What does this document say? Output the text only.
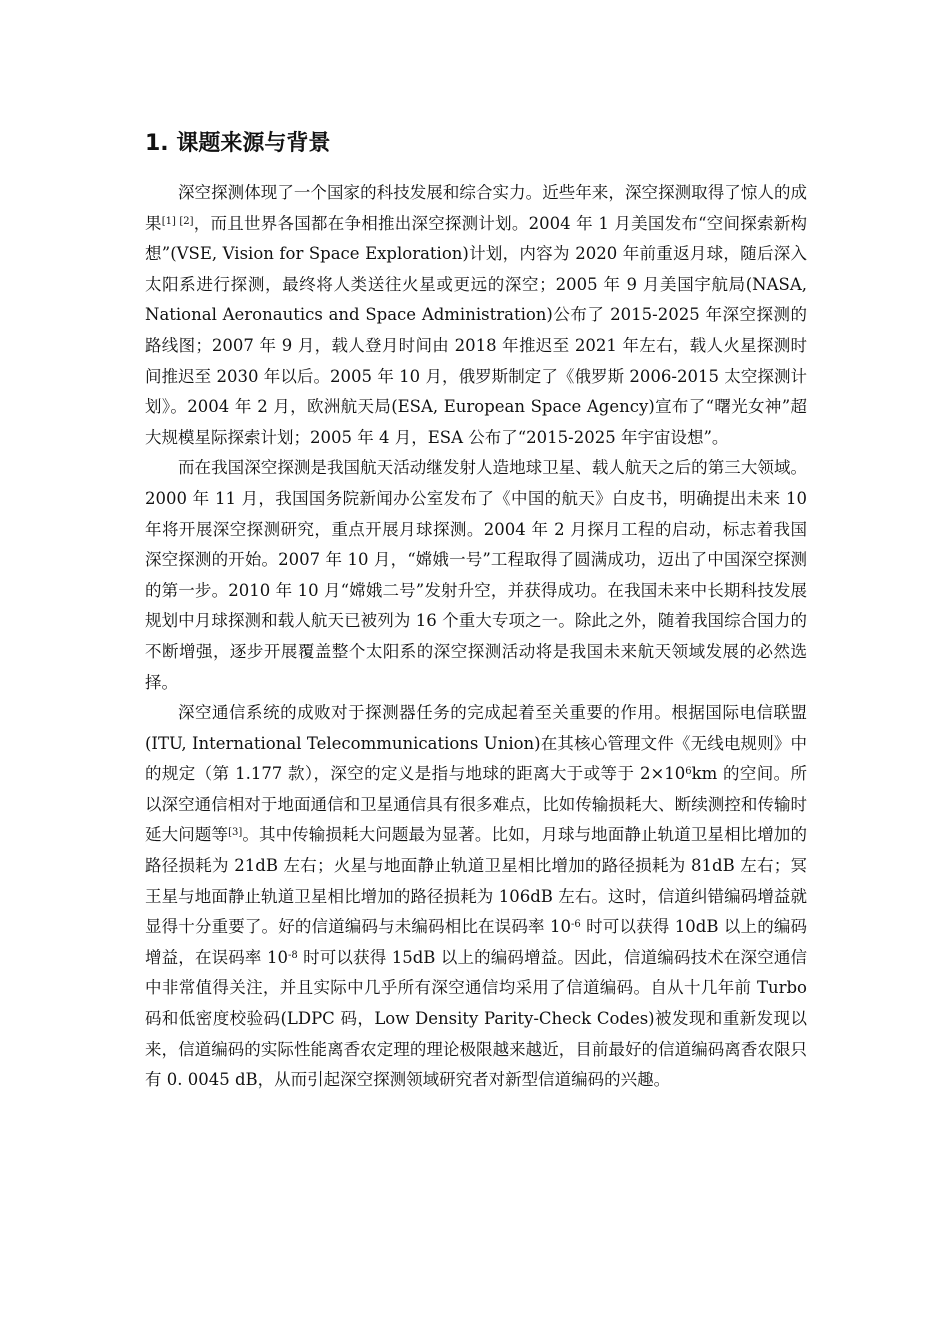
1. 课题来源与背景

深空探测体现了一个国家的科技发展和综合实力。近些年来，深空探测取得了惊人的成果[1] [2]，而且世界各国都在争相推出深空探测计划。2004 年 1 月美国发布“空间探索新构想”(VSE, Vision for Space Exploration)计划，内容为 2020 年前重返月球，随后深入太阳系进行探测，最终将人类送往火星或更远的深空；2005 年 9 月美国宇航局(NASA, National Aeronautics and Space Administration)公布了 2015-2025 年深空探测的路线图；2007 年 9 月，载人登月时间由 2018 年推迟至 2021 年左右，载人火星探测时间推迟至 2030 年以后。2005 年 10 月，俄罗斯制定了《俄罗斯 2006-2015 太空探测计划》。2004 年 2 月，欧洲航天局(ESA, European Space Agency)宣布了“曙光女神”超大规模星际探索计划；2005 年 4 月，ESA 公布了“2015-2025 年宇宙设想”。

而在我国深空探测是我国航天活动继发射人造地球卫星、载人航天之后的第三大领域。2000 年 11 月，我国国务院新闻办公室发布了《中国的航天》白皮书，明确提出未来 10 年将开展深空探测研究，重点开展月球探测。2004 年 2 月探月工程的启动，标志着我国深空探测的开始。2007 年 10 月，“嫦娥一号”工程取得了圆满成功，迈出了中国深空探测的第一步。2010 年 10 月“嫦娥二号”发射升空，并获得成功。在我国未来中长期科技发展规划中月球探测和载人航天已被列为 16 个重大专项之一。除此之外，随着我国综合国力的不断增强，逐步开展覆盖整个太阳系的深空探测活动将是我国未来航天领域发展的必然选择。

深空通信系统的成败对于探测器任务的完成起着至关重要的作用。根据国际电信联盟(ITU, International Telecommunications Union)在其核心管理文件《无线电规则》中的规定（第 1.177 款），深空的定义是指与地球的距离大于或等于 $2\times 10^6km$ 的空间。所以深空通信相对于地面通信和卫星通信具有很多难点，比如传输损耗大、断续测控和传输时延大问题等[3]。其中传输损耗大问题最为显著。比如，月球与地面静止轨道卫星相比增加的路径损耗为 21dB 左右；火星与地面静止轨道卫星相比增加的路径损耗为 81dB 左右；冥王星与地面静止轨道卫星相比增加的路径损耗为 106dB 左右。这时，信道纠错编码增益就显得十分重要了。好的信道编码与未编码相比在误码率 $10^{-6}$ 时可以获得 10dB 以上的编码增益，在误码率 $10^{-8}$ 时可以获得 15dB 以上的编码增益。因此，信道编码技术在深空通信中非常值得关注，并且实际中几乎所有深空通信均采用了信道编码。自从十几年前 Turbo 码和低密度校验码(LDPC 码，Low Density Parity-Check Codes)被发现和重新发现以来，信道编码的实际性能离香农定理的理论极限越来越近，目前最好的信道编码离香农限只有 0. 0045 dB，从而引起深空探测领域研究者对新型信道编码的兴趣。
